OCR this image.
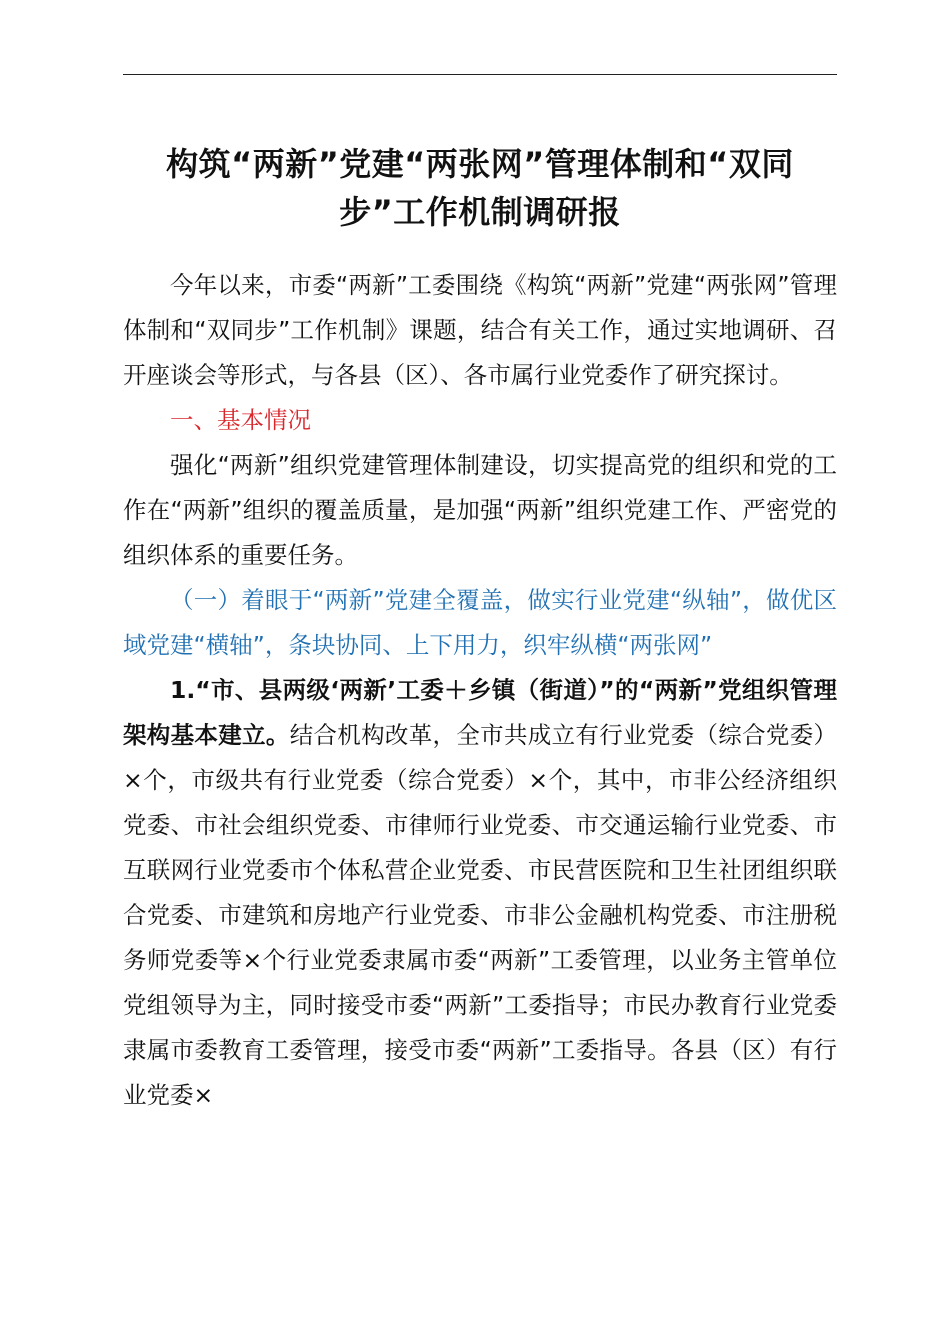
构筑“两新”党建“两张网”管理体制和“双同步”工作机制调研报

今年以来，市委“两新”工委围绕《构筑“两新”党建“两张网”管理体制和“双同步”工作机制》课题，结合有关工作，通过实地调研、召开座谈会等形式，与各县（区）、各市属行业党委作了研究探讨。

一、基本情况

强化“两新”组织党建管理体制建设，切实提高党的组织和党的工作在“两新”组织的覆盖质量，是加强“两新”组织党建工作、严密党的组织体系的重要任务。

（一）着眼于“两新”党建全覆盖，做实行业党建“纵轴”，做优区域党建“横轴”，条块协同、上下用力，织牢纵横“两张网”

1.“市、县两级‘两新’工委＋乡镇（街道）”的“两新”党组织管理架构基本建立。结合机构改革，全市共成立有行业党委（综合党委）×个，市级共有行业党委（综合党委）×个，其中，市非公经济组织党委、市社会组织党委、市律师行业党委、市交通运输行业党委、市互联网行业党委市个体私营企业党委、市民营医院和卫生社团组织联合党委、市建筑和房地产行业党委、市非公金融机构党委、市注册税务师党委等×个行业党委隶属市委“两新”工委管理，以业务主管单位党组领导为主，同时接受市委“两新”工委指导；市民办教育行业党委隶属市委教育工委管理，接受市委“两新”工委指导。各县（区）有行业党委×
